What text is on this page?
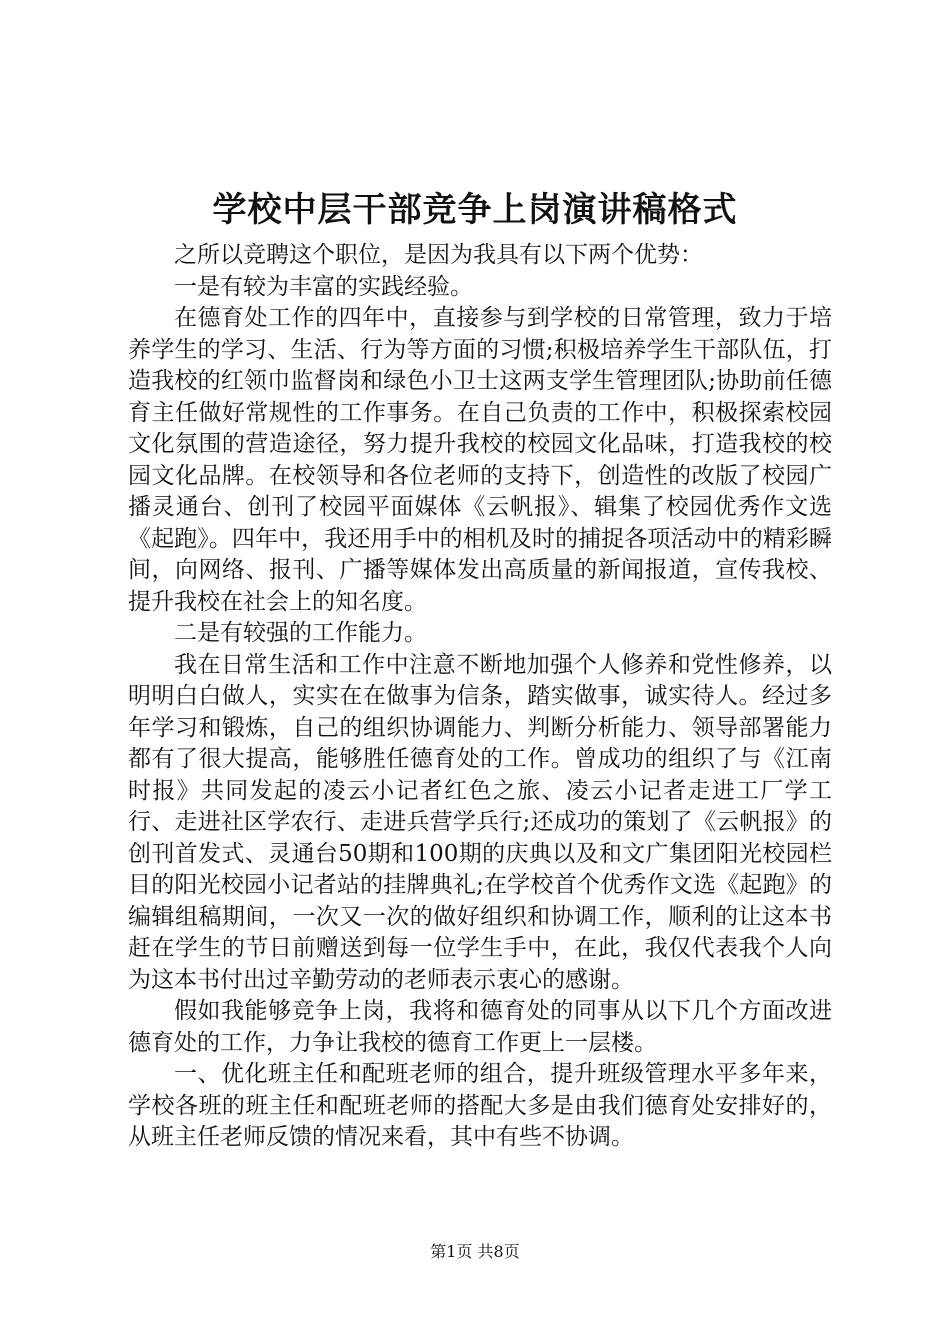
学校中层干部竞争上岗演讲稿格式

之所以竞聘这个职位，是因为我具有以下两个优势：

一是有较为丰富的实践经验。

在德育处工作的四年中，直接参与到学校的日常管理，致力于培养学生的学习、生活、行为等方面的习惯;积极培养学生干部队伍，打造我校的红领巾监督岗和绿色小卫士这两支学生管理团队;协助前任德育主任做好常规性的工作事务。在自己负责的工作中，积极探索校园文化氛围的营造途径，努力提升我校的校园文化品味，打造我校的校园文化品牌。在校领导和各位老师的支持下，创造性的改版了校园广播灵通台、创刊了校园平面媒体《云帆报》、辑集了校园优秀作文选《起跑》。四年中，我还用手中的相机及时的捕捉各项活动中的精彩瞬间，向网络、报刊、广播等媒体发出高质量的新闻报道，宣传我校、提升我校在社会上的知名度。

二是有较强的工作能力。

我在日常生活和工作中注意不断地加强个人修养和党性修养，以明明白白做人，实实在在做事为信条，踏实做事，诚实待人。经过多年学习和锻炼，自己的组织协调能力、判断分析能力、领导部署能力都有了很大提高，能够胜任德育处的工作。曾成功的组织了与《江南时报》共同发起的凌云小记者红色之旅、凌云小记者走进工厂学工行、走进社区学农行、走进兵营学兵行;还成功的策划了《云帆报》的创刊首发式、灵通台50期和100期的庆典以及和文广集团阳光校园栏目的阳光校园小记者站的挂牌典礼;在学校首个优秀作文选《起跑》的编辑组稿期间，一次又一次的做好组织和协调工作，顺利的让这本书赶在学生的节日前赠送到每一位学生手中，在此，我仅代表我个人向为这本书付出过辛勤劳动的老师表示衷心的感谢。

假如我能够竞争上岗，我将和德育处的同事从以下几个方面改进德育处的工作，力争让我校的德育工作更上一层楼。

一、优化班主任和配班老师的组合，提升班级管理水平多年来，学校各班的班主任和配班老师的搭配大多是由我们德育处安排好的，从班主任老师反馈的情况来看，其中有些不协调。

第1页 共8页
